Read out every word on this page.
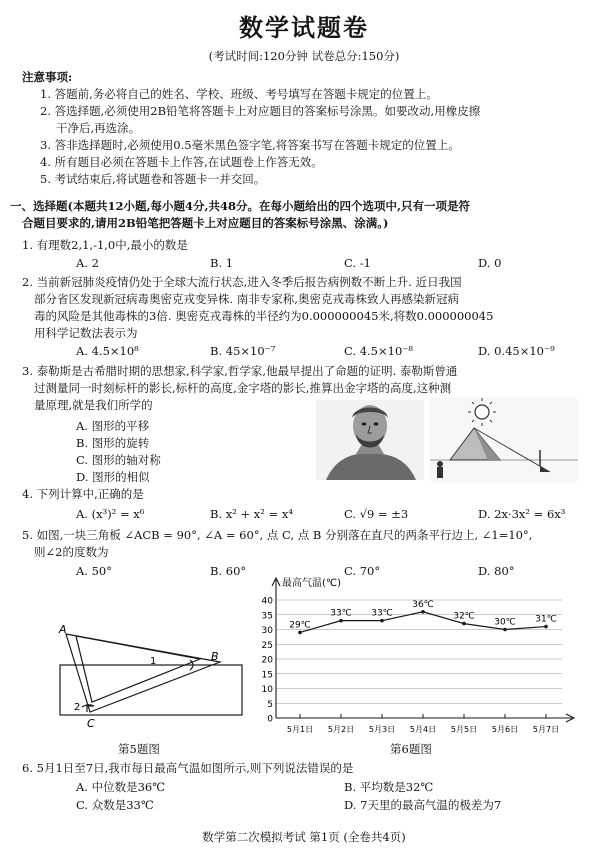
数学试题卷
(考试时间:120分钟 试卷总分:150分)
注意事项:
1. 答题前,务必将自己的姓名、学校、班级、考号填写在答题卡规定的位置上。
2. 答选择题,必须使用2B铅笔将答题卡上对应题目的答案标号涂黑。如要改动,用橡皮擦
干净后,再选涂。
3. 答非选择题时,必须使用0.5毫米黑色签字笔,将答案书写在答题卡规定的位置上。
4. 所有题目必须在答题卡上作答,在试题卷上作答无效。
5. 考试结束后,将试题卷和答题卡一并交回。
一、选择题(本题共12小题,每小题4分,共48分。在每小题给出的四个选项中,只有一项是符
合题目要求的,请用2B铅笔把答题卡上对应题目的答案标号涂黑、涂满。)
1. 有理数2,1,-1,0中,最小的数是
A. 2	B. 1	C. -1	D. 0
2. 当前新冠肺炎疫情仍处于全球大流行状态,进入冬季后报告病例数不断上升. 近日我国
部分省区发现新冠病毒奥密克戎变异株. 南非专家称,奥密克戎毒株致人再感染新冠病
毒的风险是其他毒株的3倍. 奥密克戎毒株的半径约为0.000000045米,将数0.000000045
用科学记数法表示为
A. 4.5×10⁸	B. 45×10⁻⁷	C. 4.5×10⁻⁸	D. 0.45×10⁻⁹
3. 泰勒斯是古希腊时期的思想家,科学家,哲学家,他最早提出了命题的证明. 泰勒斯曾通
过测量同一时刻标杆的影长,标杆的高度,金字塔的影长,推算出金字塔的高度,这种测
量原理,就是我们所学的
A. 图形的平移
B. 图形的旋转
C. 图形的轴对称
D. 图形的相似
4. 下列计算中,正确的是
A. (x³)² = x⁶	B. x² + x² = x⁴	C. √9 = ±3	D. 2x·3x² = 6x³
5. 如图,一块三角板 ∠ACB = 90°, ∠A = 60°, 点 C, 点 B 分别落在直尺的两条平行边上, ∠1=10°,
则∠2的度数为
A. 50°	B. 60°	C. 70°	D. 80°
A
B
C
1
2
第5题图
最高气温(℃)
0
5
10
15
20
25
30
35
40
5月1日 5月2日 5月3日 5月4日 5月5日 5月6日 5月7日
29℃
33℃ 33℃
36℃
32℃
30℃ 31℃
第6题图
6. 5月1日至7日,我市每日最高气温如图所示,则下列说法错误的是
A. 中位数是36℃	B. 平均数是32℃
C. 众数是33℃	D. 7天里的最高气温的极差为7
数学第二次模拟考试 第1页 (全卷共4页)
